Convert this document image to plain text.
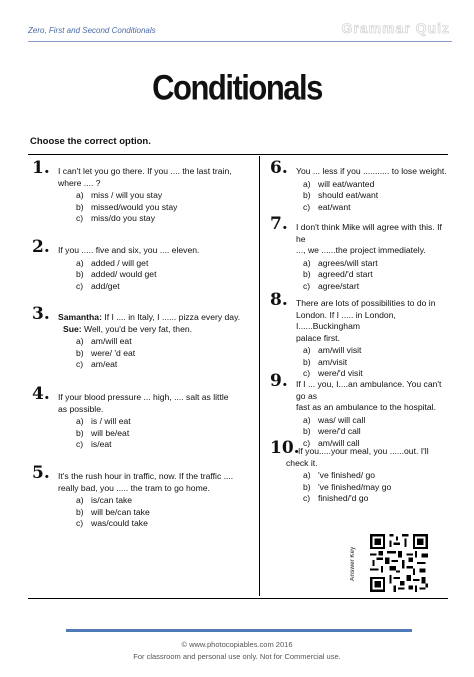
Zero, First and Second Conditionals	Grammar Quiz
Conditionals
Choose the correct option.
1. I can't let you go there. If you .... the last train,
where .... ?
a) miss / will you stay
b) missed/would you stay
c) miss/do you stay
2. If you ..... five and six, you .... eleven.
a) added / will get
b) added/ would get
c) add/get
3. Samantha: If I .... in Italy, I ...... pizza every day.
Sue: Well, you'd be very fat, then.
a) am/will eat
b) were/ 'd eat
c) am/eat
4. If your blood pressure ... high, .... salt as little
as possible.
a) is / will eat
b) will be/eat
c) is/eat
5. It's the rush hour in traffic, now. If the traffic ....
really bad, you ..... the tram to go home.
a) is/can take
b) will be/can take
c) was/could take
6. You ... less if you ........... to lose weight.
a) will eat/wanted
b) should eat/want
c) eat/want
7. I don't think Mike will agree with this. If he
..., we ......the project immediately.
a) agrees/will start
b) agreed/'d start
c) agree/start
8. There are lots of possibilities to do in
London. If I ..... in London, I......Buckingham
palace first.
a) am/will visit
b) am/visit
c) were/'d visit
9. If I ... you, I....an ambulance. You can't go as
fast as an ambulance to the hospital.
a) was/ will call
b) were/'d call
c) am/will call
10.
If you.....your meal, you ......out. I'll
check it.
a) 've finished/ go
b) 've finished/may go
c) finished/'d go
Answer Key
© www.photocopiables.com 2016
For classroom and personal use only. Not for Commercial use.
